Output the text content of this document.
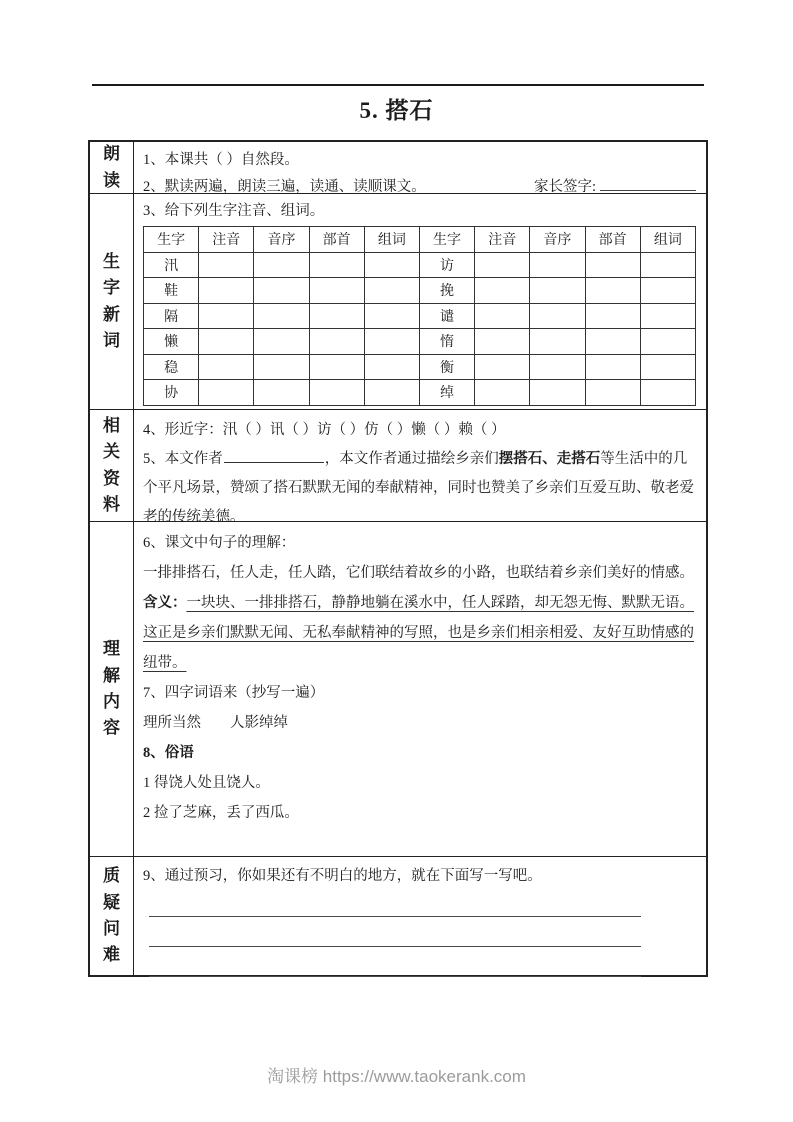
5. 搭石
朗读
1、本课共（ ）自然段。
2、默读两遍，朗读三遍，读通、读顺课文。	家长签字:
生字新词
3、给下列生字注音、组词。
生字	注音	音序	部首	组词	生字	注音	音序	部首	组词
汛					访				
鞋					挽				
隔					谴				
懒					惰				
稳					衡				
协					绰				
相关资料
4、形近字：汛（ ）讯（ ）访（ ）仿（ ）懒（ ）赖（ ）
5、本文作者	，本文作者通过描绘乡亲们摆搭石、走搭石等生活中的几个平凡场景，赞颂了搭石默默无闻的奉献精神，同时也赞美了乡亲们互爱互助、敬老爱老的传统美德。
理解内容

6、课文中句子的理解：

一排排搭石，任人走，任人踏，它们联结着故乡的小路，也联结着乡亲们美好的情感。

含义：一块块、一排排搭石，静静地躺在溪水中，任人踩踏，却无怨无悔、默默无语。这正是乡亲们默默无闻、无私奉献精神的写照，也是乡亲们相亲相爱、友好互助情感的纽带。

7、四字词语来（抄写一遍）

理所当然　　人影绰绰

8、俗语

1 得饶人处且饶人。

2 捡了芝麻，丢了西瓜。

质疑问难
9、通过预习，你如果还有不明白的地方，就在下面写一写吧。
淘课榜 https://www.taokerank.com
